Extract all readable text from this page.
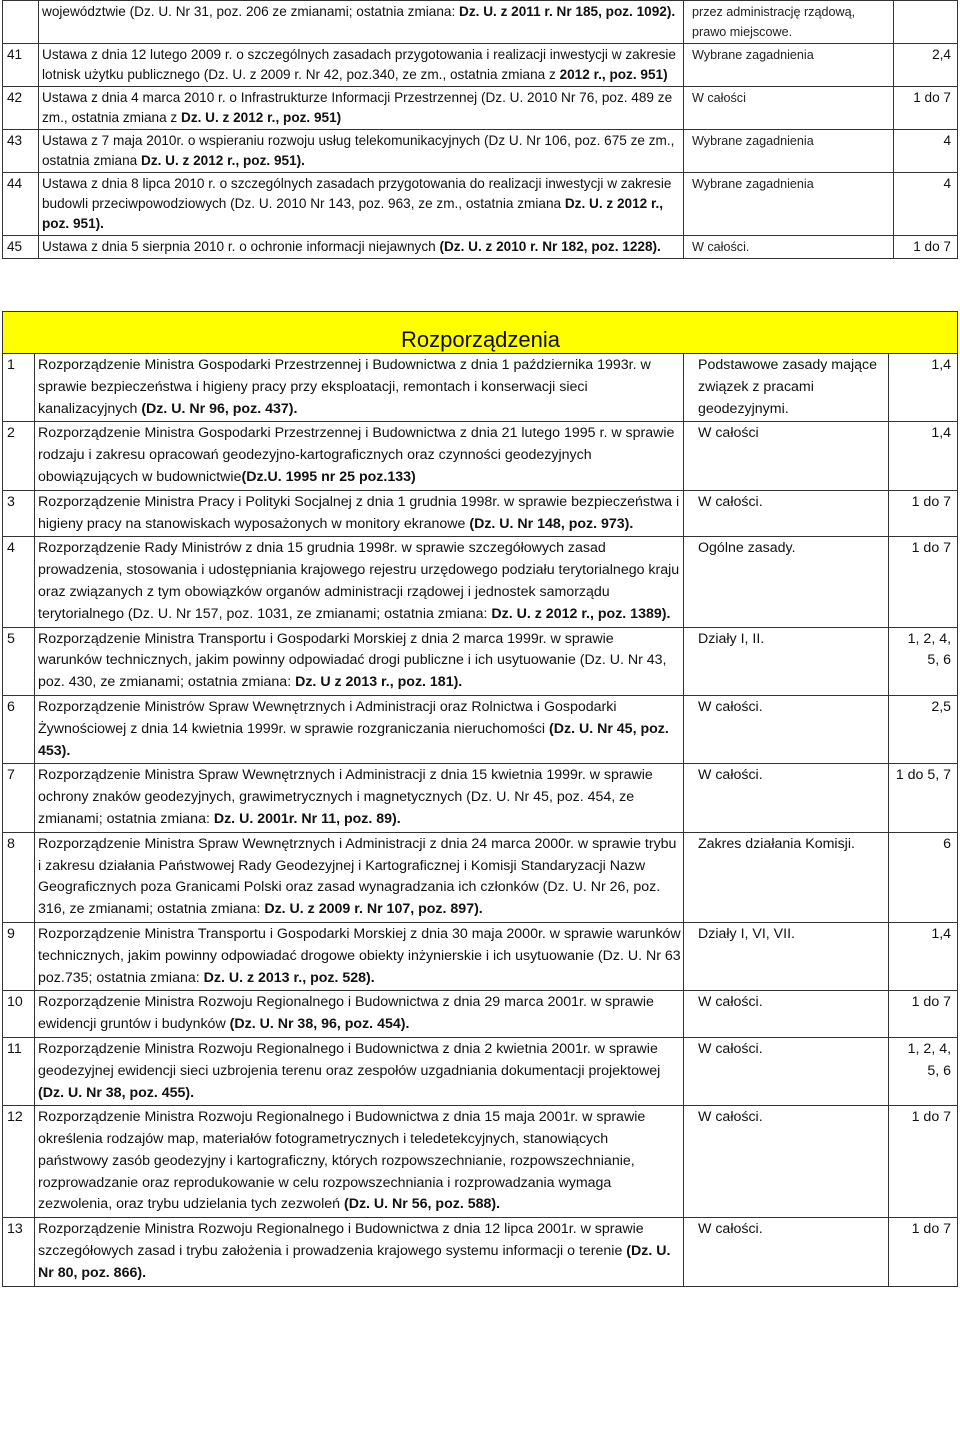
	województwie (Dz. U. Nr 31, poz. 206 ze zmianami; ostatnia zmiana: Dz. U. z 2011 r. Nr 185, poz. 1092).	przez administrację rządową, prawo miejscowe.	
41	Ustawa z dnia 12 lutego 2009 r. o szczególnych zasadach przygotowania i realizacji inwestycji w zakresie lotnisk użytku publicznego (Dz. U. z 2009 r. Nr 42, poz.340, ze zm., ostatnia zmiana z 2012 r., poz. 951)	Wybrane zagadnienia	2,4
42	Ustawa z dnia 4 marca 2010 r. o Infrastrukturze Informacji Przestrzennej (Dz. U. 2010 Nr 76, poz. 489 ze zm., ostatnia zmiana z Dz. U. z 2012 r., poz. 951)	W całości	1 do 7
43	Ustawa z 7 maja 2010r. o wspieraniu rozwoju usług telekomunikacyjnych (Dz U. Nr 106, poz. 675 ze zm., ostatnia zmiana Dz. U. z 2012 r., poz. 951).	Wybrane zagadnienia	4
44	Ustawa z dnia 8 lipca 2010 r. o szczególnych zasadach przygotowania do realizacji inwestycji w zakresie budowli przeciwpowodziowych (Dz. U. 2010 Nr 143, poz. 963, ze zm., ostatnia zmiana Dz. U. z 2012 r., poz. 951).	Wybrane zagadnienia	4
45	Ustawa z dnia 5 sierpnia 2010 r. o ochronie informacji niejawnych (Dz. U. z 2010 r. Nr 182, poz. 1228).	W całości.	1 do 7
Rozporządzenia			
1	Rozporządzenie Ministra Gospodarki Przestrzennej i Budownictwa z dnia 1 października 1993r. w sprawie bezpieczeństwa i higieny pracy przy eksploatacji, remontach i konserwacji sieci kanalizacyjnych (Dz. U. Nr 96, poz. 437).	Podstawowe zasady mające związek z pracami geodezyjnymi.	1,4
2	Rozporządzenie Ministra Gospodarki Przestrzennej i Budownictwa z dnia 21 lutego 1995 r. w sprawie rodzaju i zakresu opracowań geodezyjno-kartograficznych oraz czynności geodezyjnych obowiązujących w budownictwie(Dz.U. 1995 nr 25 poz.133)	W całości	1,4
3	Rozporządzenie Ministra Pracy i Polityki Socjalnej z dnia 1 grudnia 1998r. w sprawie bezpieczeństwa i higieny pracy na stanowiskach wyposażonych w monitory ekranowe (Dz. U. Nr 148, poz. 973).	W całości.	1 do 7
4	Rozporządzenie Rady Ministrów z dnia 15 grudnia 1998r. w sprawie szczegółowych zasad prowadzenia, stosowania i udostępniania krajowego rejestru urzędowego podziału terytorialnego kraju oraz związanych z tym obowiązków organów administracji rządowej i jednostek samorządu terytorialnego (Dz. U. Nr 157, poz. 1031, ze zmianami; ostatnia zmiana: Dz. U. z 2012 r., poz. 1389).	Ogólne zasady.	1 do 7
5	Rozporządzenie Ministra Transportu i Gospodarki Morskiej z dnia 2 marca 1999r. w sprawie warunków technicznych, jakim powinny odpowiadać drogi publiczne i ich usytuowanie (Dz. U. Nr 43, poz. 430, ze zmianami; ostatnia zmiana: Dz. U z 2013 r., poz. 181).	Działy I, II.	1, 2, 4, 5, 6
6	Rozporządzenie Ministrów Spraw Wewnętrznych i Administracji oraz Rolnictwa i Gospodarki Żywnościowej z dnia 14 kwietnia 1999r. w sprawie rozgraniczania nieruchomości (Dz. U. Nr 45, poz. 453).	W całości.	2,5
7	Rozporządzenie Ministra Spraw Wewnętrznych i Administracji z dnia 15 kwietnia 1999r. w sprawie ochrony znaków geodezyjnych, grawimetrycznych i magnetycznych (Dz. U. Nr 45, poz. 454, ze zmianami; ostatnia zmiana: Dz. U. 2001r. Nr 11, poz. 89).	W całości.	1 do 5, 7
8	Rozporządzenie Ministra Spraw Wewnętrznych i Administracji z dnia 24 marca 2000r. w sprawie trybu i zakresu działania Państwowej Rady Geodezyjnej i Kartograficznej i Komisji Standaryzacji Nazw Geograficznych poza Granicami Polski oraz zasad wynagradzania ich członków (Dz. U. Nr 26, poz. 316, ze zmianami; ostatnia zmiana: Dz. U. z 2009 r. Nr 107, poz. 897).	Zakres działania Komisji.	6
9	Rozporządzenie Ministra Transportu i Gospodarki Morskiej z dnia 30 maja 2000r. w sprawie warunków technicznych, jakim powinny odpowiadać drogowe obiekty inżynierskie i ich usytuowanie (Dz. U. Nr 63 poz.735; ostatnia zmiana: Dz. U. z 2013 r., poz. 528).	Działy I, VI, VII.	1,4
10	Rozporządzenie Ministra Rozwoju Regionalnego i Budownictwa z dnia 29 marca 2001r. w sprawie ewidencji gruntów i budynków (Dz. U. Nr 38, 96, poz. 454).	W całości.	1 do 7
11	Rozporządzenie Ministra Rozwoju Regionalnego i Budownictwa z dnia 2 kwietnia 2001r. w sprawie geodezyjnej ewidencji sieci uzbrojenia terenu oraz zespołów uzgadniania dokumentacji projektowej (Dz. U. Nr 38, poz. 455).	W całości.	1, 2, 4, 5, 6
12	Rozporządzenie Ministra Rozwoju Regionalnego i Budownictwa z dnia 15 maja 2001r. w sprawie określenia rodzajów map, materiałów fotogrametrycznych i teledetekcyjnych, stanowiących państwowy zasób geodezyjny i kartograficzny, których rozpowszechnianie, rozpowszechnianie, rozprowadzanie oraz reprodukowanie w celu rozpowszechniania i rozprowadzania wymaga zezwolenia, oraz trybu udzielania tych zezwoleń (Dz. U. Nr 56, poz. 588).	W całości.	1 do 7
13	Rozporządzenie Ministra Rozwoju Regionalnego i Budownictwa z dnia 12 lipca 2001r. w sprawie szczegółowych zasad i trybu założenia i prowadzenia krajowego systemu informacji o terenie (Dz. U. Nr 80, poz. 866).	W całości.	1 do 7
